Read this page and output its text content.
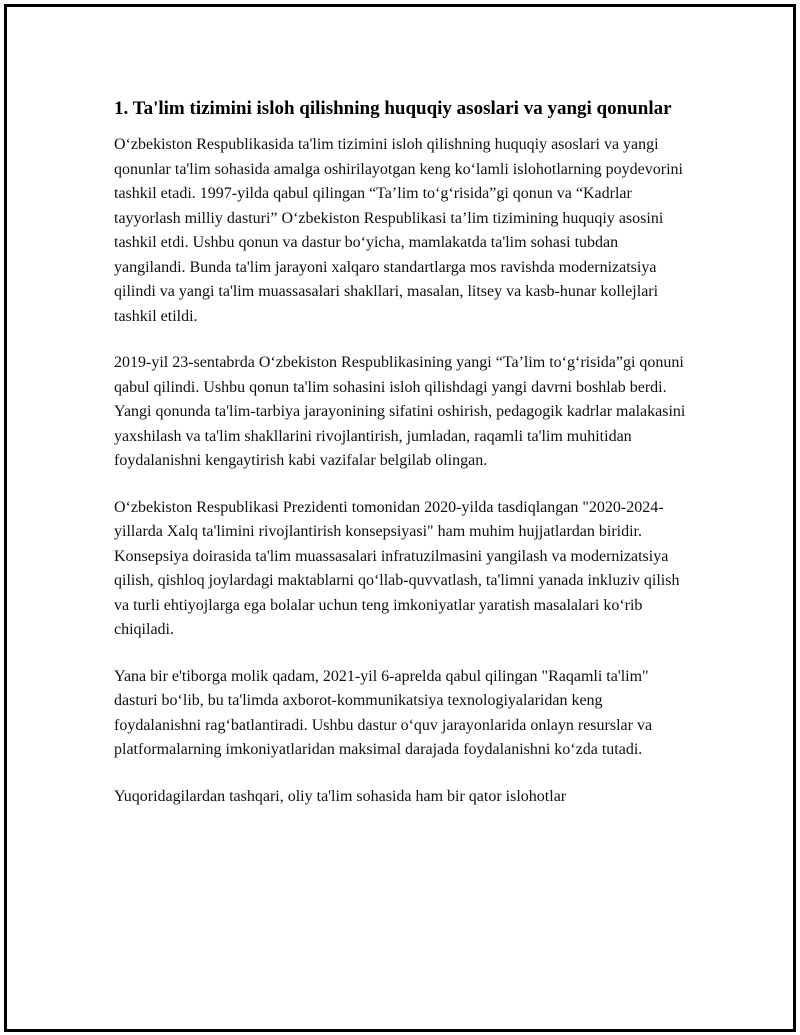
1. Ta'lim tizimini isloh qilishning huquqiy asoslari va yangi qonunlar

O‘zbekiston Respublikasida ta'lim tizimini isloh qilishning huquqiy asoslari va yangi qonunlar ta'lim sohasida amalga oshirilayotgan keng ko‘lamli islohotlarning poydevorini tashkil etadi. 1997-yilda qabul qilingan “Ta’lim to‘g‘risida”gi qonun va “Kadrlar tayyorlash milliy dasturi” O‘zbekiston Respublikasi ta’lim tizimining huquqiy asosini tashkil etdi. Ushbu qonun va dastur bo‘yicha, mamlakatda ta'lim sohasi tubdan yangilandi. Bunda ta'lim jarayoni xalqaro standartlarga mos ravishda modernizatsiya qilindi va yangi ta'lim muassasalari shakllari, masalan, litsey va kasb-hunar kollejlari tashkil etildi.

2019-yil 23-sentabrda O‘zbekiston Respublikasining yangi “Ta’lim to‘g‘risida”gi qonuni qabul qilindi. Ushbu qonun ta'lim sohasini isloh qilishdagi yangi davrni boshlab berdi. Yangi qonunda ta'lim-tarbiya jarayonining sifatini oshirish, pedagogik kadrlar malakasini yaxshilash va ta'lim shakllarini rivojlantirish, jumladan, raqamli ta'lim muhitidan foydalanishni kengaytirish kabi vazifalar belgilab olingan.

O‘zbekiston Respublikasi Prezidenti tomonidan 2020-yilda tasdiqlangan "2020-2024-yillarda Xalq ta'limini rivojlantirish konsepsiyasi" ham muhim hujjatlardan biridir. Konsepsiya doirasida ta'lim muassasalari infratuzilmasini yangilash va modernizatsiya qilish, qishloq joylardagi maktablarni qo‘llab-quvvatlash, ta'limni yanada inkluziv qilish va turli ehtiyojlarga ega bolalar uchun teng imkoniyatlar yaratish masalalari ko‘rib chiqiladi.

Yana bir e'tiborga molik qadam, 2021-yil 6-aprelda qabul qilingan "Raqamli ta'lim" dasturi bo‘lib, bu ta'limda axborot-kommunikatsiya texnologiyalaridan keng foydalanishni rag‘batlantiradi. Ushbu dastur o‘quv jarayonlarida onlayn resurslar va platformalarning imkoniyatlaridan maksimal darajada foydalanishni ko‘zda tutadi.

Yuqoridagilardan tashqari, oliy ta'lim sohasida ham bir qator islohotlar
